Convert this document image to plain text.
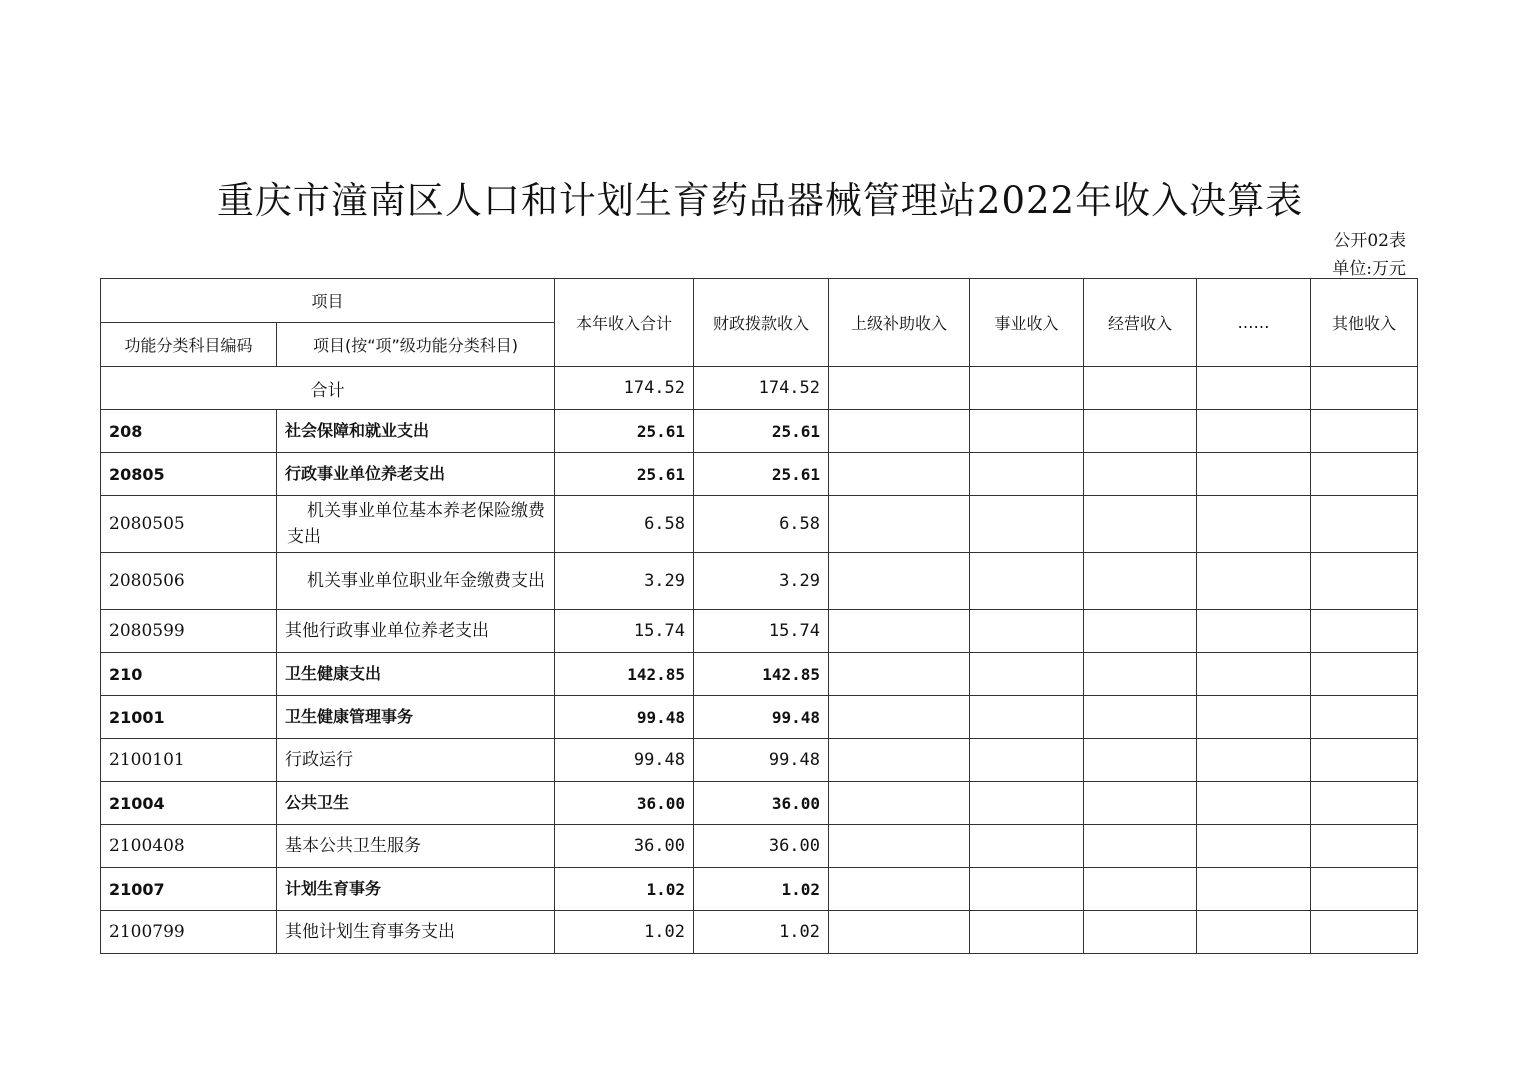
重庆市潼南区人口和计划生育药品器械管理站2022年收入决算表
公开02表
单位:万元
项目		本年收入合计	财政拨款收入	上级补助收入	事业收入	经营收入	……	其他收入
功能分类科目编码	项目(按“项”级功能分类科目)							
合计		174.52	174.52					
208	社会保障和就业支出	25.61	25.61					
20805	行政事业单位养老支出	25.61	25.61					
2080505	机关事业单位基本养老保险缴费支出	6.58	6.58					
2080506	机关事业单位职业年金缴费支出	3.29	3.29					
2080599	其他行政事业单位养老支出	15.74	15.74					
210	卫生健康支出	142.85	142.85					
21001	卫生健康管理事务	99.48	99.48					
2100101	行政运行	99.48	99.48					
21004	公共卫生	36.00	36.00					
2100408	基本公共卫生服务	36.00	36.00					
21007	计划生育事务	1.02	1.02					
2100799	其他计划生育事务支出	1.02	1.02					
